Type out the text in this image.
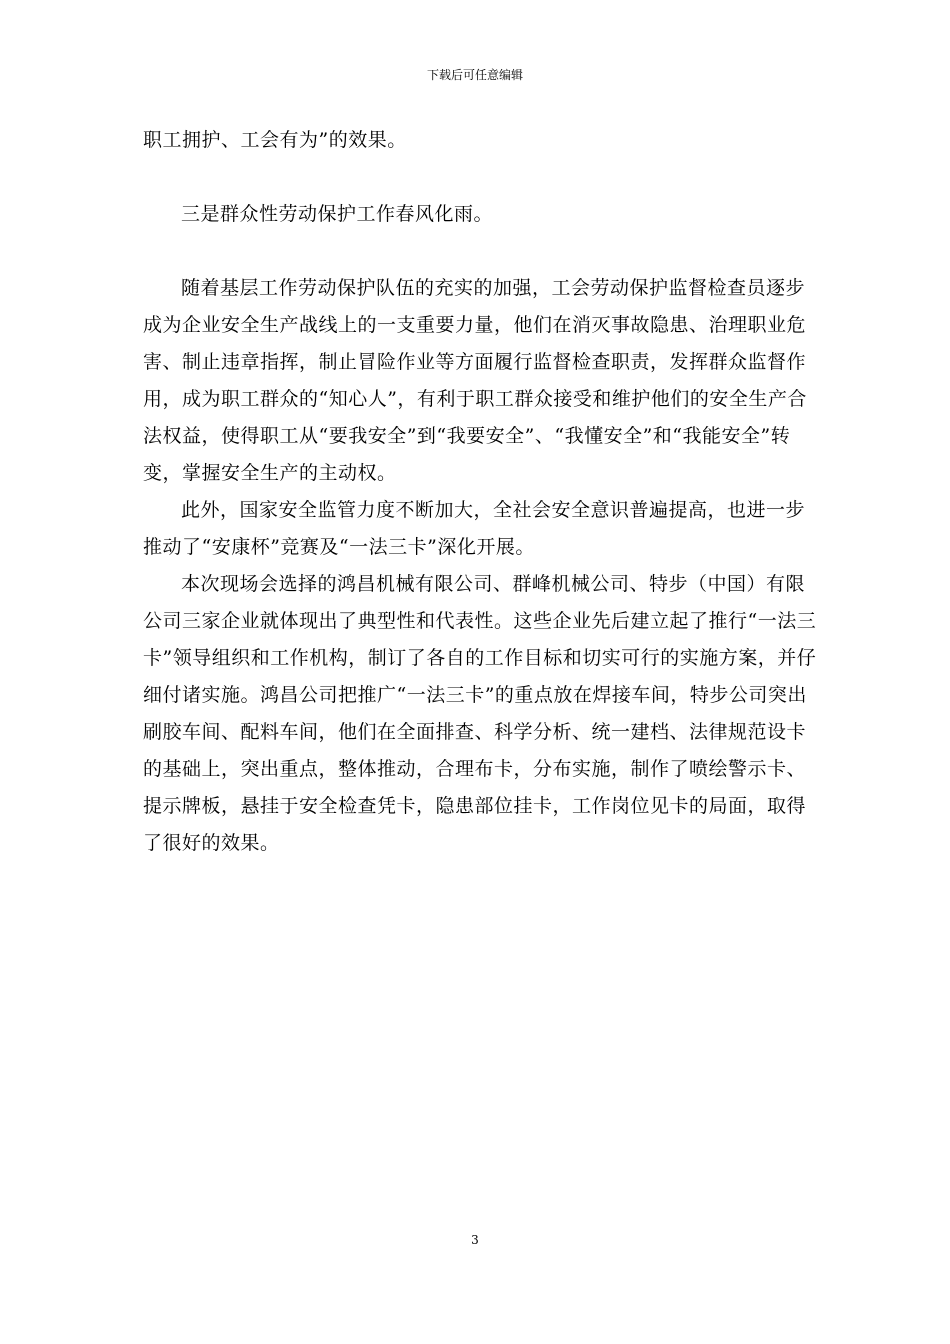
下载后可任意编辑

职工拥护、工会有为”的效果。

三是群众性劳动保护工作春风化雨。

随着基层工作劳动保护队伍的充实的加强，工会劳动保护监督检查员逐步成为企业安全生产战线上的一支重要力量，他们在消灭事故隐患、治理职业危害、制止违章指挥，制止冒险作业等方面履行监督检查职责，发挥群众监督作用，成为职工群众的“知心人”，有利于职工群众接受和维护他们的安全生产合法权益，使得职工从“要我安全”到“我要安全”、“我懂安全”和“我能安全”转变，掌握安全生产的主动权。

此外，国家安全监管力度不断加大，全社会安全意识普遍提高，也进一步推动了“安康杯”竞赛及“一法三卡”深化开展。

本次现场会选择的鸿昌机械有限公司、群峰机械公司、特步（中国）有限公司三家企业就体现出了典型性和代表性。这些企业先后建立起了推行“一法三卡”领导组织和工作机构，制订了各自的工作目标和切实可行的实施方案，并仔细付诸实施。鸿昌公司把推广“一法三卡”的重点放在焊接车间，特步公司突出刷胶车间、配料车间，他们在全面排查、科学分析、统一建档、法律规范设卡的基础上，突出重点，整体推动，合理布卡，分布实施，制作了喷绘警示卡、提示牌板，悬挂于安全检查凭卡，隐患部位挂卡，工作岗位见卡的局面，取得了很好的效果。

3
